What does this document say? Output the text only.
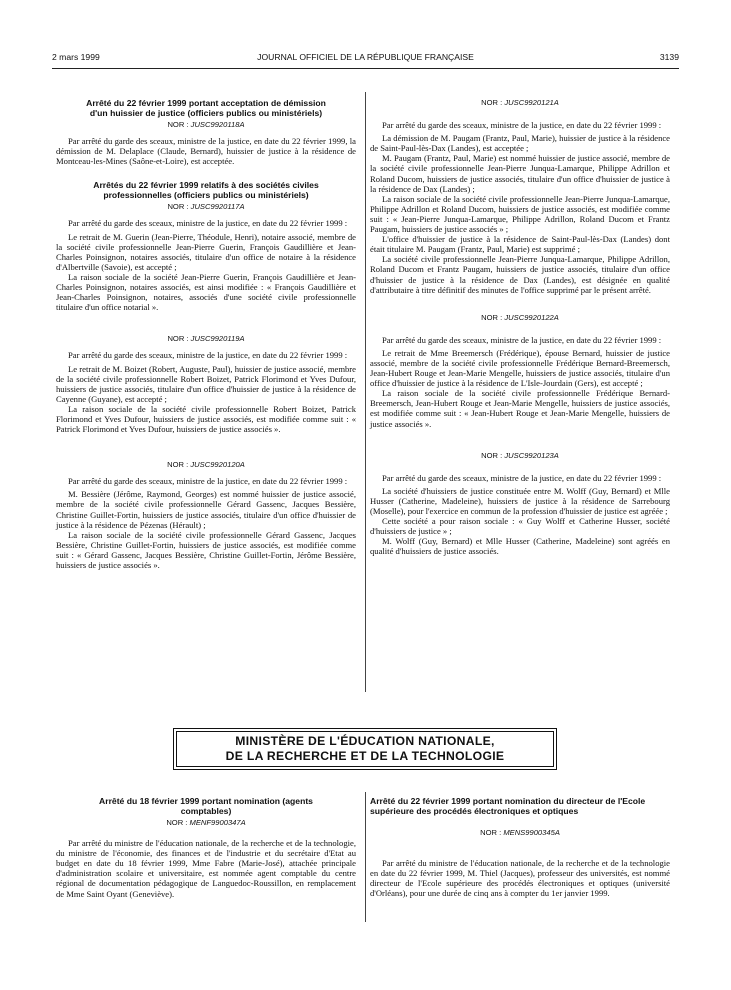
2 mars 1999	JOURNAL OFFICIEL DE LA RÉPUBLIQUE FRANÇAISE	3139
Arrêté du 22 février 1999 portant acceptation de démission d'un huissier de justice (officiers publics ou ministériels)
NOR : JUSC9920118A

Par arrêté du garde des sceaux, ministre de la justice, en date du 22 février 1999, la démission de M. Delaplace (Claude, Bernard), huissier de justice à la résidence de Montceau-les-Mines (Saône-et-Loire), est acceptée.

Arrêtés du 22 février 1999 relatifs à des sociétés civiles professionnelles (officiers publics ou ministériels)
NOR : JUSC9920117A

Par arrêté du garde des sceaux, ministre de la justice, en date du 22 février 1999 :

Le retrait de M. Guerin (Jean-Pierre, Théodule, Henri), notaire associé, membre de la société civile professionnelle Jean-Pierre Guerin, François Gaudillière et Jean-Charles Poinsignon, notaires associés, titulaire d'un office de notaire à la résidence d'Albertville (Savoie), est accepté ;

La raison sociale de la société Jean-Pierre Guerin, François Gaudillière et Jean-Charles Poinsignon, notaires associés, est ainsi modifiée : « François Gaudillière et Jean-Charles Poinsignon, notaires, associés d'une société civile professionnelle titulaire d'un office notarial ».

NOR : JUSC9920119A

Par arrêté du garde des sceaux, ministre de la justice, en date du 22 février 1999 :

Le retrait de M. Boizet (Robert, Auguste, Paul), huissier de justice associé, membre de la société civile professionnelle Robert Boizet, Patrick Florimond et Yves Dufour, huissiers de justice associés, titulaire d'un office d'huissier de justice à la résidence de Cayenne (Guyane), est accepté ;

La raison sociale de la société civile professionnelle Robert Boizet, Patrick Florimond et Yves Dufour, huissiers de justice associés, est modifiée comme suit : « Patrick Florimond et Yves Dufour, huissiers de justice associés ».

NOR : JUSC9920120A

Par arrêté du garde des sceaux, ministre de la justice, en date du 22 février 1999 :

M. Bessière (Jérôme, Raymond, Georges) est nommé huissier de justice associé, membre de la société civile professionnelle Gérard Gassenc, Jacques Bessière, Christine Guillet-Fortin, huissiers de justice associés, titulaire d'un office d'huissier de justice à la résidence de Pézenas (Hérault) ;

La raison sociale de la société civile professionnelle Gérard Gassenc, Jacques Bessière, Christine Guillet-Fortin, huissiers de justice associés, est modifiée comme suit : « Gérard Gassenc, Jacques Bessière, Christine Guillet-Fortin, Jérôme Bessière, huissiers de justice associés ».

NOR : JUSC9920121A

Par arrêté du garde des sceaux, ministre de la justice, en date du 22 février 1999 :

La démission de M. Paugam (Frantz, Paul, Marie), huissier de justice à la résidence de Saint-Paul-lès-Dax (Landes), est acceptée ;

M. Paugam (Frantz, Paul, Marie) est nommé huissier de justice associé, membre de la société civile professionnelle Jean-Pierre Junqua-Lamarque, Philippe Adrillon et Roland Ducom, huissiers de justice associés, titulaire d'un office d'huissier de justice à la résidence de Dax (Landes) ;

La raison sociale de la société civile professionnelle Jean-Pierre Junqua-Lamarque, Philippe Adrillon et Roland Ducom, huissiers de justice associés, est modifiée comme suit : « Jean-Pierre Junqua-Lamarque, Philippe Adrillon, Roland Ducom et Frantz Paugam, huissiers de justice associés » ;

L'office d'huissier de justice à la résidence de Saint-Paul-lès-Dax (Landes) dont était titulaire M. Paugam (Frantz, Paul, Marie) est supprimé ;

La société civile professionnelle Jean-Pierre Junqua-Lamarque, Philippe Adrillon, Roland Ducom et Frantz Paugam, huissiers de justice associés, titulaire d'un office d'huissier de justice à la résidence de Dax (Landes), est désignée en qualité d'attributaire à titre définitif des minutes de l'office supprimé par le présent arrêté.

NOR : JUSC9920122A

Par arrêté du garde des sceaux, ministre de la justice, en date du 22 février 1999 :

Le retrait de Mme Breemersch (Frédérique), épouse Bernard, huissier de justice associé, membre de la société civile professionnelle Frédérique Bernard-Breemersch, Jean-Hubert Rouge et Jean-Marie Mengelle, huissiers de justice associés, titulaire d'un office d'huissier de justice à la résidence de L'Isle-Jourdain (Gers), est accepté ;

La raison sociale de la société civile professionnelle Frédérique Bernard-Breemersch, Jean-Hubert Rouge et Jean-Marie Mengelle, huissiers de justice associés, est modifiée comme suit : « Jean-Hubert Rouge et Jean-Marie Mengelle, huissiers de justice associés ».

NOR : JUSC9920123A

Par arrêté du garde des sceaux, ministre de la justice, en date du 22 février 1999 :

La société d'huissiers de justice constituée entre M. Wolff (Guy, Bernard) et Mlle Husser (Catherine, Madeleine), huissiers de justice à la résidence de Sarrebourg (Moselle), pour l'exercice en commun de la profession d'huissier de justice est agréée ;

Cette société a pour raison sociale : « Guy Wolff et Catherine Husser, société d'huissiers de justice » ;

M. Wolff (Guy, Bernard) et Mlle Husser (Catherine, Madeleine) sont agréés en qualité d'huissiers de justice associés.

MINISTÈRE DE L'ÉDUCATION NATIONALE,
DE LA RECHERCHE ET DE LA TECHNOLOGIE
Arrêté du 18 février 1999 portant nomination (agents comptables)
NOR : MENF9900347A

Par arrêté du ministre de l'éducation nationale, de la recherche et de la technologie, du ministre de l'économie, des finances et de l'industrie et du secrétaire d'Etat au budget en date du 18 février 1999, Mme Fabre (Marie-José), attachée principale d'administration scolaire et universitaire, est nommée agent comptable du centre régional de documentation pédagogique de Languedoc-Roussillon, en remplacement de Mme Saint Oyant (Geneviève).

Arrêté du 22 février 1999 portant nomination du directeur de l'Ecole supérieure des procédés électroniques et optiques
NOR : MENS9900345A

Par arrêté du ministre de l'éducation nationale, de la recherche et de la technologie en date du 22 février 1999, M. Thiel (Jacques), professeur des universités, est nommé directeur de l'Ecole supérieure des procédés électroniques et optiques (université d'Orléans), pour une durée de cinq ans à compter du 1er janvier 1999.
